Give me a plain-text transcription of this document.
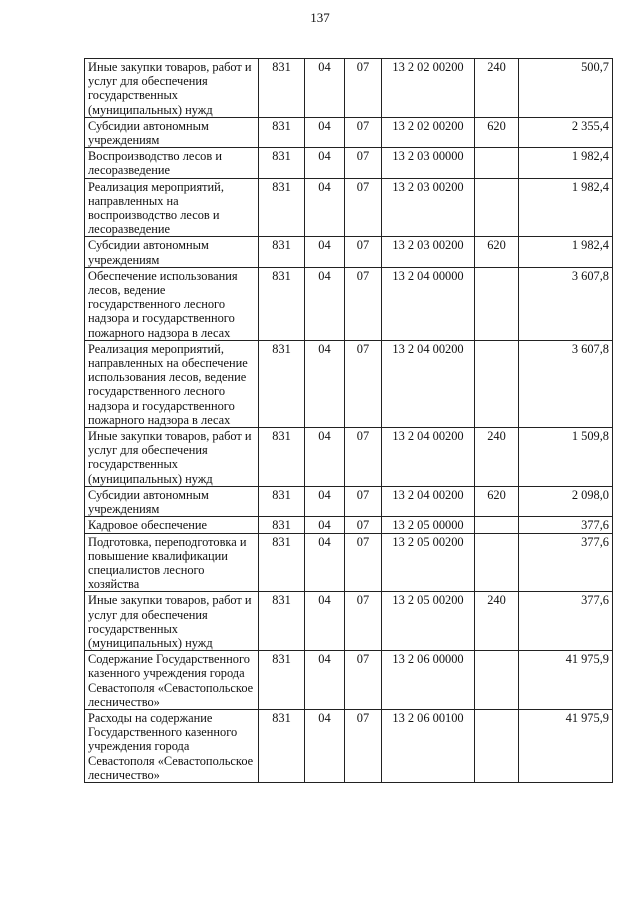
137
Иные закупки товаров, работ и услуг для обеспечения государственных (муниципальных) нужд	831	04	07	13 2 02 00200	240	500,7
Субсидии автономным учреждениям	831	04	07	13 2 02 00200	620	2 355,4
Воспроизводство лесов и лесоразведение	831	04	07	13 2 03 00000		1 982,4
Реализация мероприятий, направленных на воспроизводство лесов и лесоразведение	831	04	07	13 2 03 00200		1 982,4
Субсидии автономным учреждениям	831	04	07	13 2 03 00200	620	1 982,4
Обеспечение использования лесов, ведение государственного лесного надзора и государственного пожарного надзора в лесах	831	04	07	13 2 04 00000		3 607,8
Реализация мероприятий, направленных на обеспечение использования лесов, ведение государственного лесного надзора и государственного пожарного надзора в лесах	831	04	07	13 2 04 00200		3 607,8
Иные закупки товаров, работ и услуг для обеспечения государственных (муниципальных) нужд	831	04	07	13 2 04 00200	240	1 509,8
Субсидии автономным учреждениям	831	04	07	13 2 04 00200	620	2 098,0
Кадровое обеспечение	831	04	07	13 2 05 00000		377,6
Подготовка, переподготовка и повышение квалификации специалистов лесного хозяйства	831	04	07	13 2 05 00200		377,6
Иные закупки товаров, работ и услуг для обеспечения государственных (муниципальных) нужд	831	04	07	13 2 05 00200	240	377,6
Содержание Государственного казенного учреждения города Севастополя «Севастопольское лесничество»	831	04	07	13 2 06 00000		41 975,9
Расходы на содержание Государственного казенного учреждения города Севастополя «Севастопольское лесничество»	831	04	07	13 2 06 00100		41 975,9
